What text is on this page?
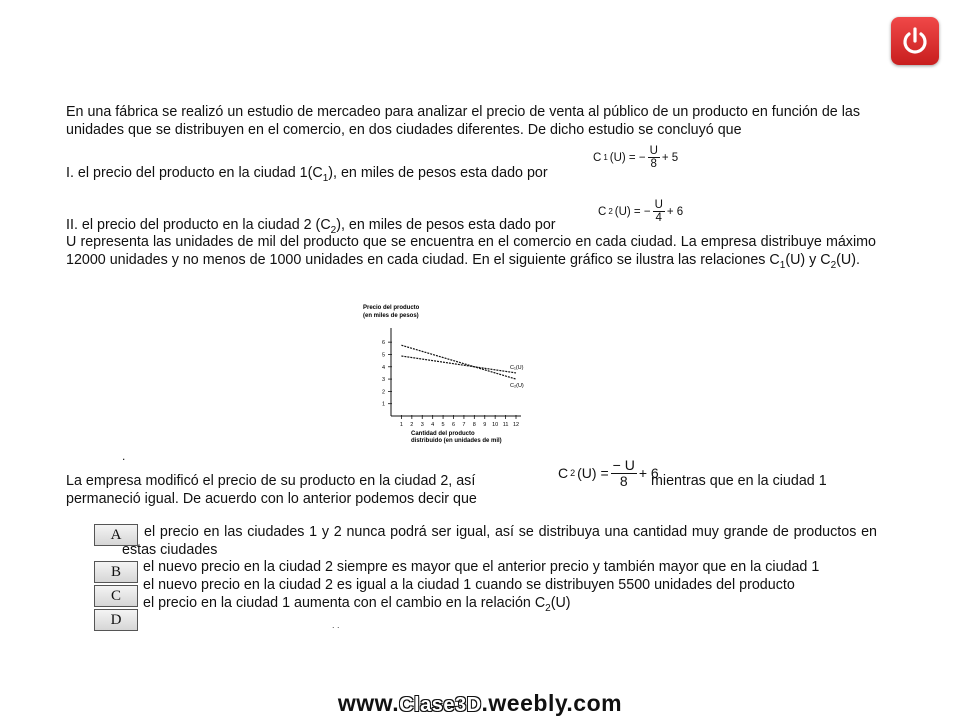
En una fábrica se realizó un estudio de mercadeo para analizar el precio de venta al público de un producto en función de las unidades que se distribuyen en el comercio, en dos ciudades diferentes. De dicho estudio se concluyó que

I. el precio del producto en la ciudad $1(C_1)$, en miles de pesos esta dado por

C 1 (U) = − $\frac{U}{8} + 5$

II. el precio del producto en la ciudad 2 $(C_2)$, en miles de pesos esta dado por

C 2 (U) = − $\frac{U}{4} + 6$

U representa las unidades de mil del producto que se encuentra en el comercio en cada ciudad. La empresa distribuye máximo 12000 unidades y no menos de 1000 unidades en cada ciudad. En el siguiente gráfico se ilustra las relaciones $C_1(U)$ y $C_2(U)$.

Precio del producto
(en miles de pesos)
1
2
3
4
5
6
1 2 3 4 5 6 7 8 9 10 11 12
Cantidad del producto
distribuido (en unidades de mil)
C₁(U)
C₂(U)
.

La empresa modificó el precio de su producto en la ciudad 2, así	C 2 $(U) = \frac{- U}{8} + 6$

mientras que en la ciudad 1

permaneció igual. De acuerdo con lo anterior podemos decir que

A	el precio en las ciudades 1 y 2 nunca podrá ser igual, así se distribuya una cantidad muy grande de productos en estas ciudades

B	el nuevo precio en la ciudad 2 siempre es mayor que el anterior precio y también mayor que en la ciudad 1

C

el nuevo precio en la ciudad 2 es igual a la ciudad 1 cuando se distribuyen 5500 unidades del producto

D

el precio en la ciudad 1 aumenta con el cambio en la relación $C_2(U)$

. .
www.Clase3D.weebly.com
